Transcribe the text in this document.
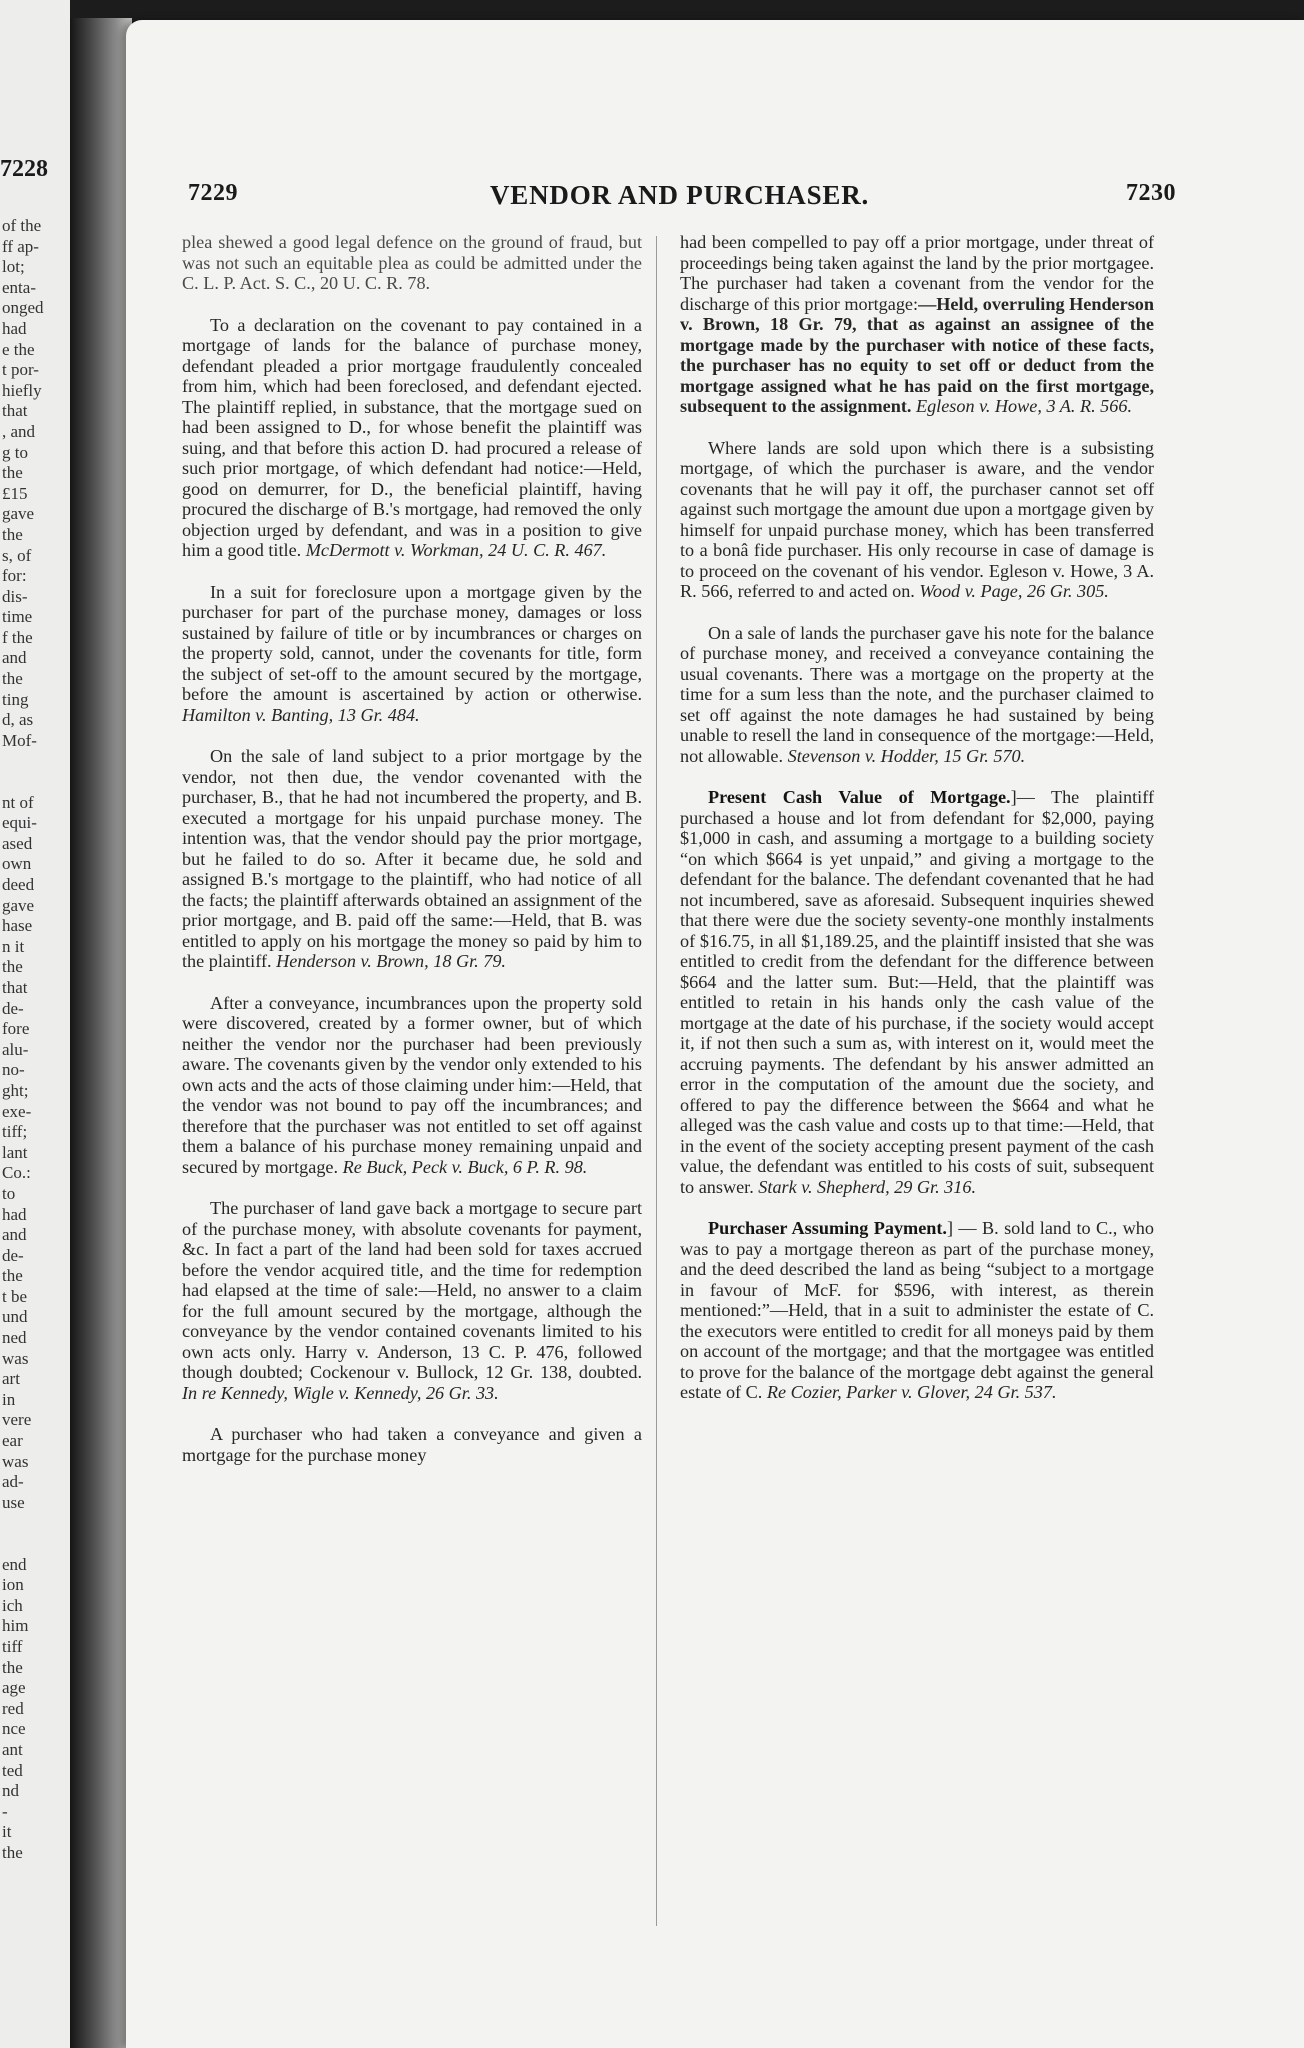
7228
of the
ff ap-
lot;
enta-
onged
had
e the
t por-
hiefly
that
, and
g to
the
£15
gave
the
s, of
for:
dis-
time
f the
and
the
ting
d, as
Mof-

nt of
equi-
ased
own
deed
gave
hase
n it
the
that
de-
fore
alu-
no-
ght;
exe-
tiff;
lant
Co.:
to
had
and
de-
the
t be
und
ned
was
art
in
vere
ear
was
ad-
use

end
ion
ich
him
tiff
the
age
red
nce
ant
ted
nd
-
it
the
7229	VENDOR AND PURCHASER.	7230

plea shewed a good legal defence on the ground of fraud, but was not such an equitable plea as could be admitted under the C. L. P. Act. S. C., 20 U. C. R. 78.

To a declaration on the covenant to pay contained in a mortgage of lands for the balance of purchase money, defendant pleaded a prior mortgage fraudulently concealed from him, which had been foreclosed, and defendant ejected. The plaintiff replied, in substance, that the mortgage sued on had been assigned to D., for whose benefit the plaintiff was suing, and that before this action D. had procured a release of such prior mortgage, of which defendant had notice:—Held, good on demurrer, for D., the beneficial plaintiff, having procured the discharge of B.'s mortgage, had removed the only objection urged by defendant, and was in a position to give him a good title. McDermott v. Workman, 24 U. C. R. 467.

In a suit for foreclosure upon a mortgage given by the purchaser for part of the purchase money, damages or loss sustained by failure of title or by incumbrances or charges on the property sold, cannot, under the covenants for title, form the subject of set-off to the amount secured by the mortgage, before the amount is ascertained by action or otherwise. Hamilton v. Banting, 13 Gr. 484.

On the sale of land subject to a prior mortgage by the vendor, not then due, the vendor covenanted with the purchaser, B., that he had not incumbered the property, and B. executed a mortgage for his unpaid purchase money. The intention was, that the vendor should pay the prior mortgage, but he failed to do so. After it became due, he sold and assigned B.'s mortgage to the plaintiff, who had notice of all the facts; the plaintiff afterwards obtained an assignment of the prior mortgage, and B. paid off the same:—Held, that B. was entitled to apply on his mortgage the money so paid by him to the plaintiff. Henderson v. Brown, 18 Gr. 79.

After a conveyance, incumbrances upon the property sold were discovered, created by a former owner, but of which neither the vendor nor the purchaser had been previously aware. The covenants given by the vendor only extended to his own acts and the acts of those claiming under him:—Held, that the vendor was not bound to pay off the incumbrances; and therefore that the purchaser was not entitled to set off against them a balance of his purchase money remaining unpaid and secured by mortgage. Re Buck, Peck v. Buck, 6 P. R. 98.

The purchaser of land gave back a mortgage to secure part of the purchase money, with absolute covenants for payment, &c. In fact a part of the land had been sold for taxes accrued before the vendor acquired title, and the time for redemption had elapsed at the time of sale:—Held, no answer to a claim for the full amount secured by the mortgage, although the conveyance by the vendor contained covenants limited to his own acts only. Harry v. Anderson, 13 C. P. 476, followed though doubted; Cockenour v. Bullock, 12 Gr. 138, doubted. In re Kennedy, Wigle v. Kennedy, 26 Gr. 33.

A purchaser who had taken a conveyance and given a mortgage for the purchase money

had been compelled to pay off a prior mortgage, under threat of proceedings being taken against the land by the prior mortgagee. The purchaser had taken a covenant from the vendor for the discharge of this prior mortgage:—Held, overruling Henderson v. Brown, 18 Gr. 79, that as against an assignee of the mortgage made by the purchaser with notice of these facts, the purchaser has no equity to set off or deduct from the mortgage assigned what he has paid on the first mortgage, subsequent to the assignment. Egleson v. Howe, 3 A. R. 566.

Where lands are sold upon which there is a subsisting mortgage, of which the purchaser is aware, and the vendor covenants that he will pay it off, the purchaser cannot set off against such mortgage the amount due upon a mortgage given by himself for unpaid purchase money, which has been transferred to a bonâ fide purchaser. His only recourse in case of damage is to proceed on the covenant of his vendor. Egleson v. Howe, 3 A. R. 566, referred to and acted on. Wood v. Page, 26 Gr. 305.

On a sale of lands the purchaser gave his note for the balance of purchase money, and received a conveyance containing the usual covenants. There was a mortgage on the property at the time for a sum less than the note, and the purchaser claimed to set off against the note damages he had sustained by being unable to resell the land in consequence of the mortgage:—Held, not allowable. Stevenson v. Hodder, 15 Gr. 570.

Present Cash Value of Mortgage.]— The plaintiff purchased a house and lot from defendant for $2,000, paying $1,000 in cash, and assuming a mortgage to a building society “on which $664 is yet unpaid,” and giving a mortgage to the defendant for the balance. The defendant covenanted that he had not incumbered, save as aforesaid. Subsequent inquiries shewed that there were due the society seventy-one monthly instalments of $16.75, in all $1,189.25, and the plaintiff insisted that she was entitled to credit from the defendant for the difference between $664 and the latter sum. But:—Held, that the plaintiff was entitled to retain in his hands only the cash value of the mortgage at the date of his purchase, if the society would accept it, if not then such a sum as, with interest on it, would meet the accruing payments. The defendant by his answer admitted an error in the computation of the amount due the society, and offered to pay the difference between the $664 and what he alleged was the cash value and costs up to that time:—Held, that in the event of the society accepting present payment of the cash value, the defendant was entitled to his costs of suit, subsequent to answer. Stark v. Shepherd, 29 Gr. 316.

Purchaser Assuming Payment.] — B. sold land to C., who was to pay a mortgage thereon as part of the purchase money, and the deed described the land as being “subject to a mortgage in favour of McF. for $596, with interest, as therein mentioned:”—Held, that in a suit to administer the estate of C. the executors were entitled to credit for all moneys paid by them on account of the mortgage; and that the mortgagee was entitled to prove for the balance of the mortgage debt against the general estate of C. Re Cozier, Parker v. Glover, 24 Gr. 537.
